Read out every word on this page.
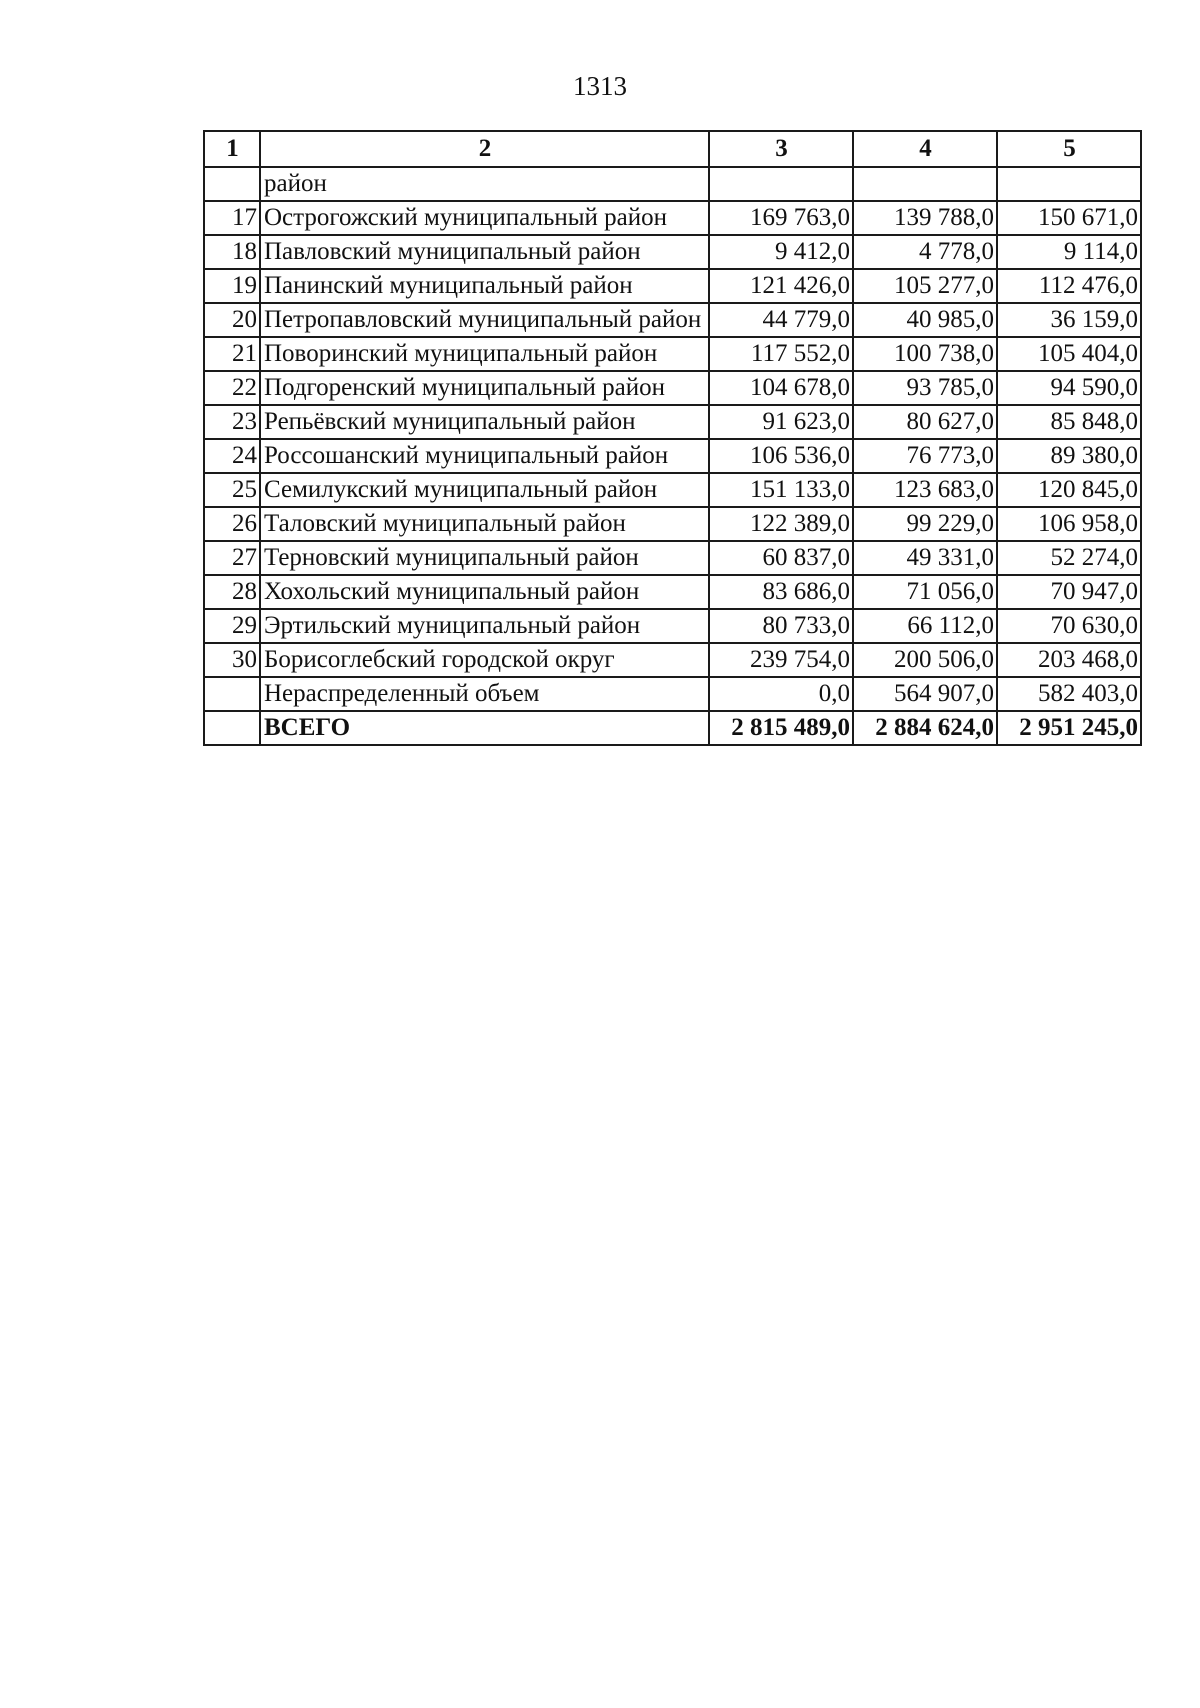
1313
1	2	3	4	5
	район			
17	Острогожский муниципальный район	169 763,0	139 788,0	150 671,0
18	Павловский муниципальный район	9 412,0	4 778,0	9 114,0
19	Панинский муниципальный район	121 426,0	105 277,0	112 476,0
20	Петропавловский муниципальный район	44 779,0	40 985,0	36 159,0
21	Поворинский муниципальный район	117 552,0	100 738,0	105 404,0
22	Подгоренский муниципальный район	104 678,0	93 785,0	94 590,0
23	Репьёвский муниципальный район	91 623,0	80 627,0	85 848,0
24	Россошанский муниципальный район	106 536,0	76 773,0	89 380,0
25	Семилукский муниципальный район	151 133,0	123 683,0	120 845,0
26	Таловский муниципальный район	122 389,0	99 229,0	106 958,0
27	Терновский муниципальный район	60 837,0	49 331,0	52 274,0
28	Хохольский муниципальный район	83 686,0	71 056,0	70 947,0
29	Эртильский муниципальный район	80 733,0	66 112,0	70 630,0
30	Борисоглебский городской округ	239 754,0	200 506,0	203 468,0
	Нераспределенный объем	0,0	564 907,0	582 403,0
	ВСЕГО	2 815 489,0	2 884 624,0	2 951 245,0
